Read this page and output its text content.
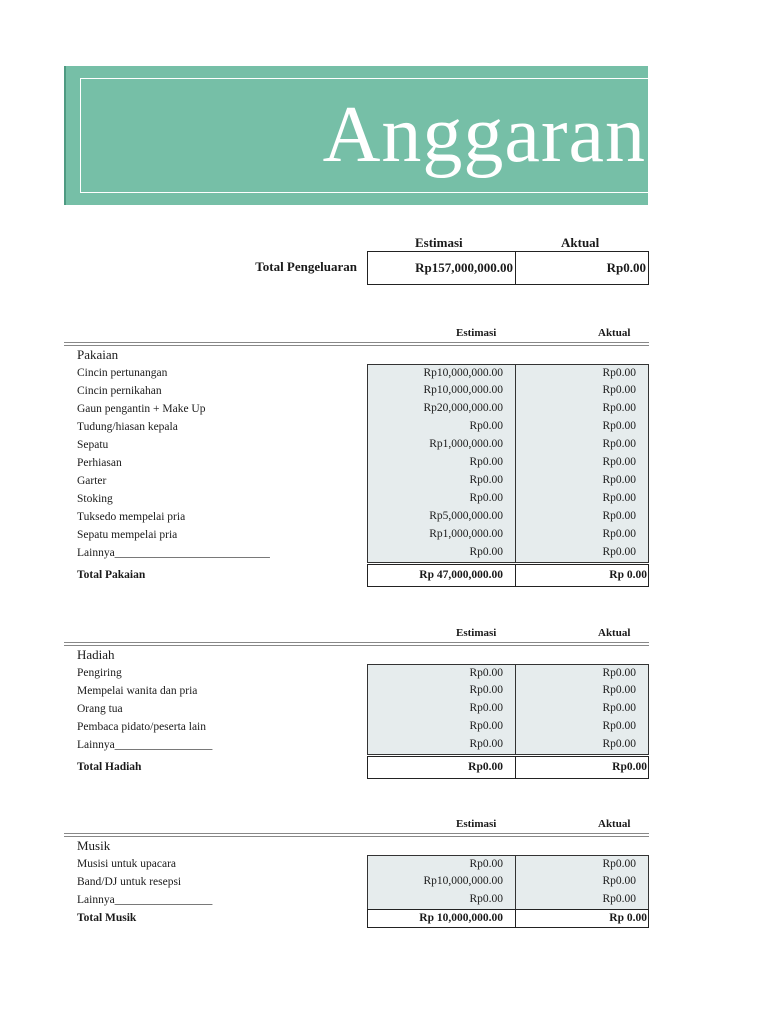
Anggaran
Estimasi	Aktual
Total Pengeluaran	Rp157,000,000.00	Rp0.00
Estimasi	Aktual
Pakaian
Cincin pertunangan	Rp10,000,000.00	Rp0.00
Cincin pernikahan	Rp10,000,000.00	Rp0.00
Gaun pengantin + Make Up	Rp20,000,000.00	Rp0.00
Tudung/hiasan kepala	Rp0.00	Rp0.00
Sepatu	Rp1,000,000.00	Rp0.00
Perhiasan	Rp0.00	Rp0.00
Garter	Rp0.00	Rp0.00
Stoking	Rp0.00	Rp0.00
Tuksedo mempelai pria	Rp5,000,000.00	Rp0.00
Sepatu mempelai pria	Rp1,000,000.00	Rp0.00
Lainnya___________________________	Rp0.00	Rp0.00
Total Pakaian	Rp 47,000,000.00	Rp 0.00
Estimasi	Aktual
Hadiah
Pengiring	Rp0.00	Rp0.00
Mempelai wanita dan pria	Rp0.00	Rp0.00
Orang tua	Rp0.00	Rp0.00
Pembaca pidato/peserta lain	Rp0.00	Rp0.00
Lainnya_________________	Rp0.00	Rp0.00
Total Hadiah	Rp0.00	Rp0.00
Estimasi	Aktual
Musik
Musisi untuk upacara	Rp0.00	Rp0.00
Band/DJ untuk resepsi	Rp10,000,000.00	Rp0.00
Lainnya_________________	Rp0.00	Rp0.00
Total Musik	Rp 10,000,000.00	Rp 0.00
